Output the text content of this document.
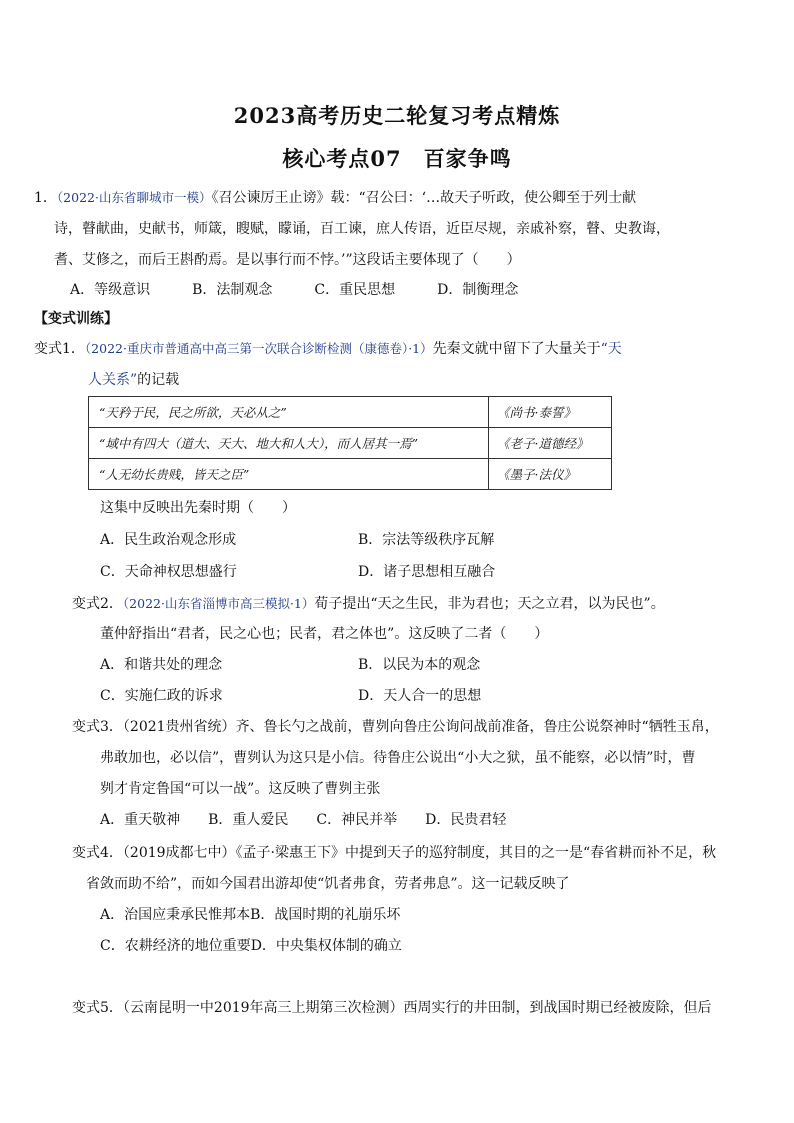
2023高考历史二轮复习考点精炼
核心考点07　百家争鸣
1．（2022·山东省聊城市一模）《召公谏厉王止谤》载：“召公曰：‘…故天子听政，使公卿至于列士献
诗，瞽献曲，史献书，师箴，瞍赋，矇诵，百工谏，庶人传语，近臣尽规，亲戚补察，瞽、史教诲，
耆、艾修之，而后王斟酌焉。是以事行而不悖。’”这段话主要体现了（　　）
A．等级意识　　　B．法制观念　　　C．重民思想　　　D．制衡理念
【变式训练】
变式1．（2022·重庆市普通高中高三第一次联合诊断检测（康德卷）·1）先秦文就中留下了大量关于“天
人关系”的记载
“天矜于民，民之所欲，天必从之”	《尚书·泰誓》
“域中有四大（道大、天大、地大和人大），而人居其一焉”	《老子·道德经》
“人无幼长贵贱，皆天之臣”	《墨子·法仪》
这集中反映出先秦时期（　　）
A．民生政治观念形成	B．宗法等级秩序瓦解
C．天命神权思想盛行	D．诸子思想相互融合
变式2．（2022·山东省淄博市高三模拟·1）荀子提出“天之生民，非为君也；天之立君，以为民也”。
董仲舒指出“君者，民之心也；民者，君之体也”。这反映了二者（　　）
A．和谐共处的理念	B．以民为本的观念
C．实施仁政的诉求	D．天人合一的思想
变式3．（2021贵州省统）齐、鲁长勺之战前，曹刿向鲁庄公询问战前准备，鲁庄公说祭神时“牺牲玉帛，
弗敢加也，必以信”，曹刿认为这只是小信。待鲁庄公说出“小大之狱，虽不能察，必以情”时，曹
刿才肯定鲁国“可以一战”。这反映了曹刿主张
A．重天敬神　　B．重人爱民　　C．神民并举　　D．民贵君轻
变式4．（2019成都七中）《孟子·梁惠王下》中提到天子的巡狩制度，其目的之一是“春省耕而补不足，秋
省敛而助不给”，而如今国君出游却使“饥者弗食，劳者弗息”。这一记载反映了
A．治国应秉承民惟邦本B．战国时期的礼崩乐坏
C．农耕经济的地位重要D．中央集权体制的确立
变式5．（云南昆明一中2019年高三上期第三次检测）西周实行的井田制，到战国时期已经被废除，但后
